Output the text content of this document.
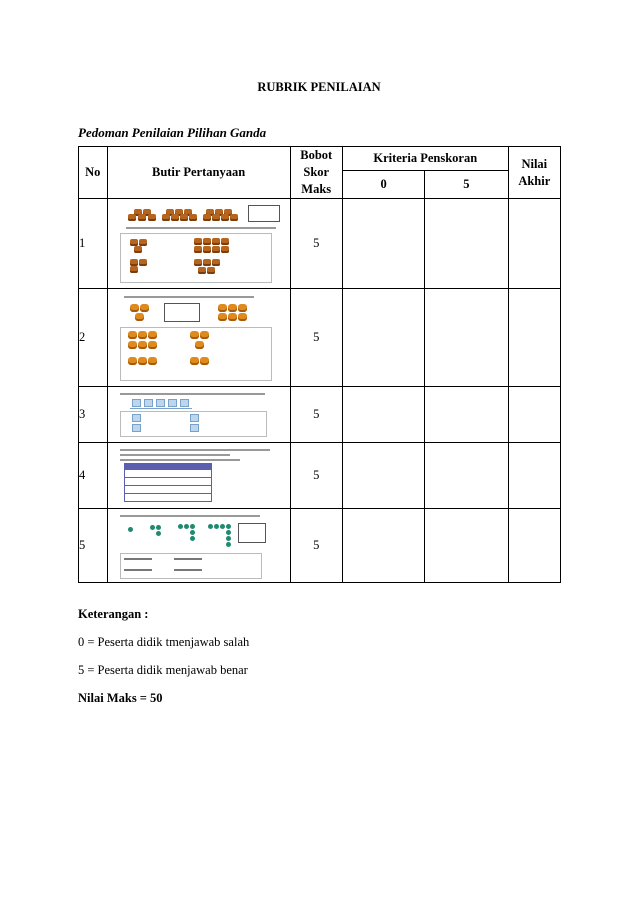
RUBRIK PENILAIAN
Pedoman Penilaian Pilihan Ganda
No	Butir Pertanyaan	Bobot Skor Maks	Kriteria Penskoran		Nilai Akhir
			0	5	
1		5			
2		5			
3		5			
4		5			
5		5			
Keterangan :
0 = Peserta didik tmenjawab salah
5 = Peserta didik menjawab benar
Nilai Maks = 50
